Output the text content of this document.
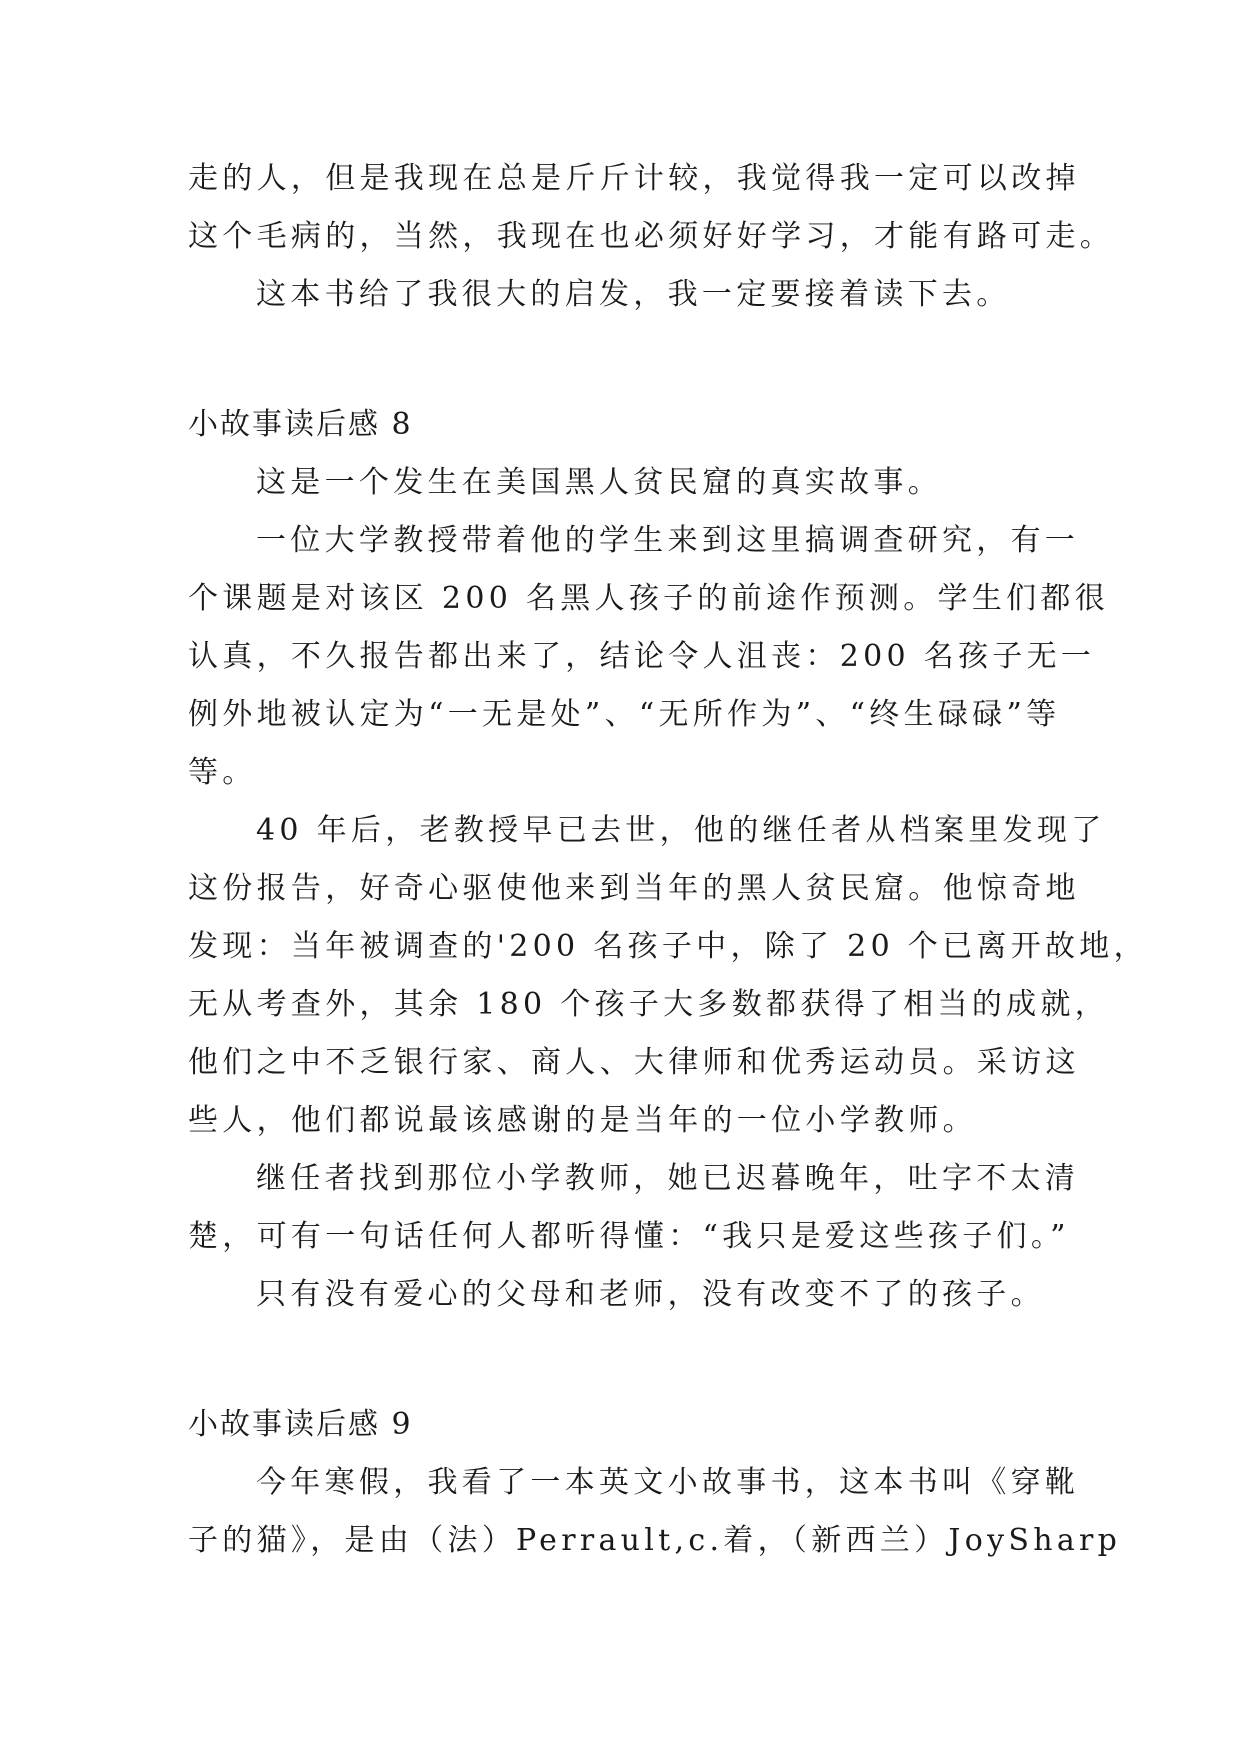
走的人，但是我现在总是斤斤计较，我觉得我一定可以改掉
这个毛病的，当然，我现在也必须好好学习，才能有路可走。
这本书给了我很大的启发，我一定要接着读下去。
小故事读后感 8
这是一个发生在美国黑人贫民窟的真实故事。
一位大学教授带着他的学生来到这里搞调查研究，有一
个课题是对该区 200 名黑人孩子的前途作预测。学生们都很
认真，不久报告都出来了，结论令人沮丧：200 名孩子无一
例外地被认定为“一无是处”、“无所作为”、“终生碌碌”等
等。
40 年后，老教授早已去世，他的继任者从档案里发现了
这份报告，好奇心驱使他来到当年的黑人贫民窟。他惊奇地
发现：当年被调查的'200 名孩子中，除了 20 个已离开故地，
无从考查外，其余 180 个孩子大多数都获得了相当的成就，
他们之中不乏银行家、商人、大律师和优秀运动员。采访这
些人，他们都说最该感谢的是当年的一位小学教师。
继任者找到那位小学教师，她已迟暮晚年，吐字不太清
楚，可有一句话任何人都听得懂：“我只是爱这些孩子们。”
只有没有爱心的父母和老师，没有改变不了的孩子。
小故事读后感 9
今年寒假，我看了一本英文小故事书，这本书叫《穿靴
子的猫》，是由（法）Perrault,c.着，（新西兰）JoySharp
